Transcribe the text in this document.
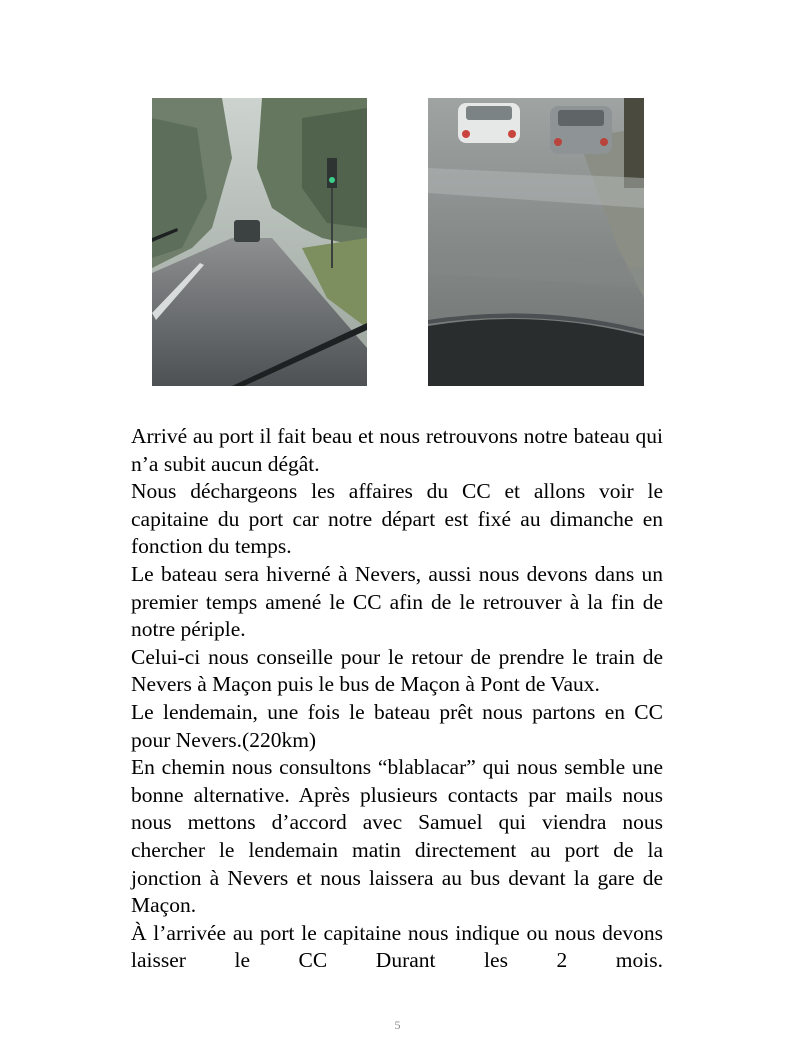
Arrivé au port il fait beau et nous retrouvons notre bateau qui n’a subit aucun dégât.

Nous déchargeons les affaires du CC et allons voir le capitaine du port car notre départ est fixé au dimanche en fonction du temps.

Le bateau sera hiverné à Nevers, aussi nous devons dans un premier temps amené le CC afin de le retrouver à la fin de notre périple.

Celui-ci nous conseille pour le retour de prendre le train de Nevers à Maçon puis le bus de Maçon à Pont de Vaux.

Le lendemain, une fois le bateau prêt nous partons en CC pour Nevers.(220km)

En chemin nous consultons “blablacar” qui nous semble une bonne alternative. Après plusieurs contacts par mails nous nous mettons d’accord avec Samuel qui viendra nous chercher le lendemain matin directement au port de la jonction à Nevers et nous laissera au bus devant la gare de Maçon.

À l’arrivée au port le capitaine nous indique ou nous devons laisser le CC Durant les 2 mois.

5
